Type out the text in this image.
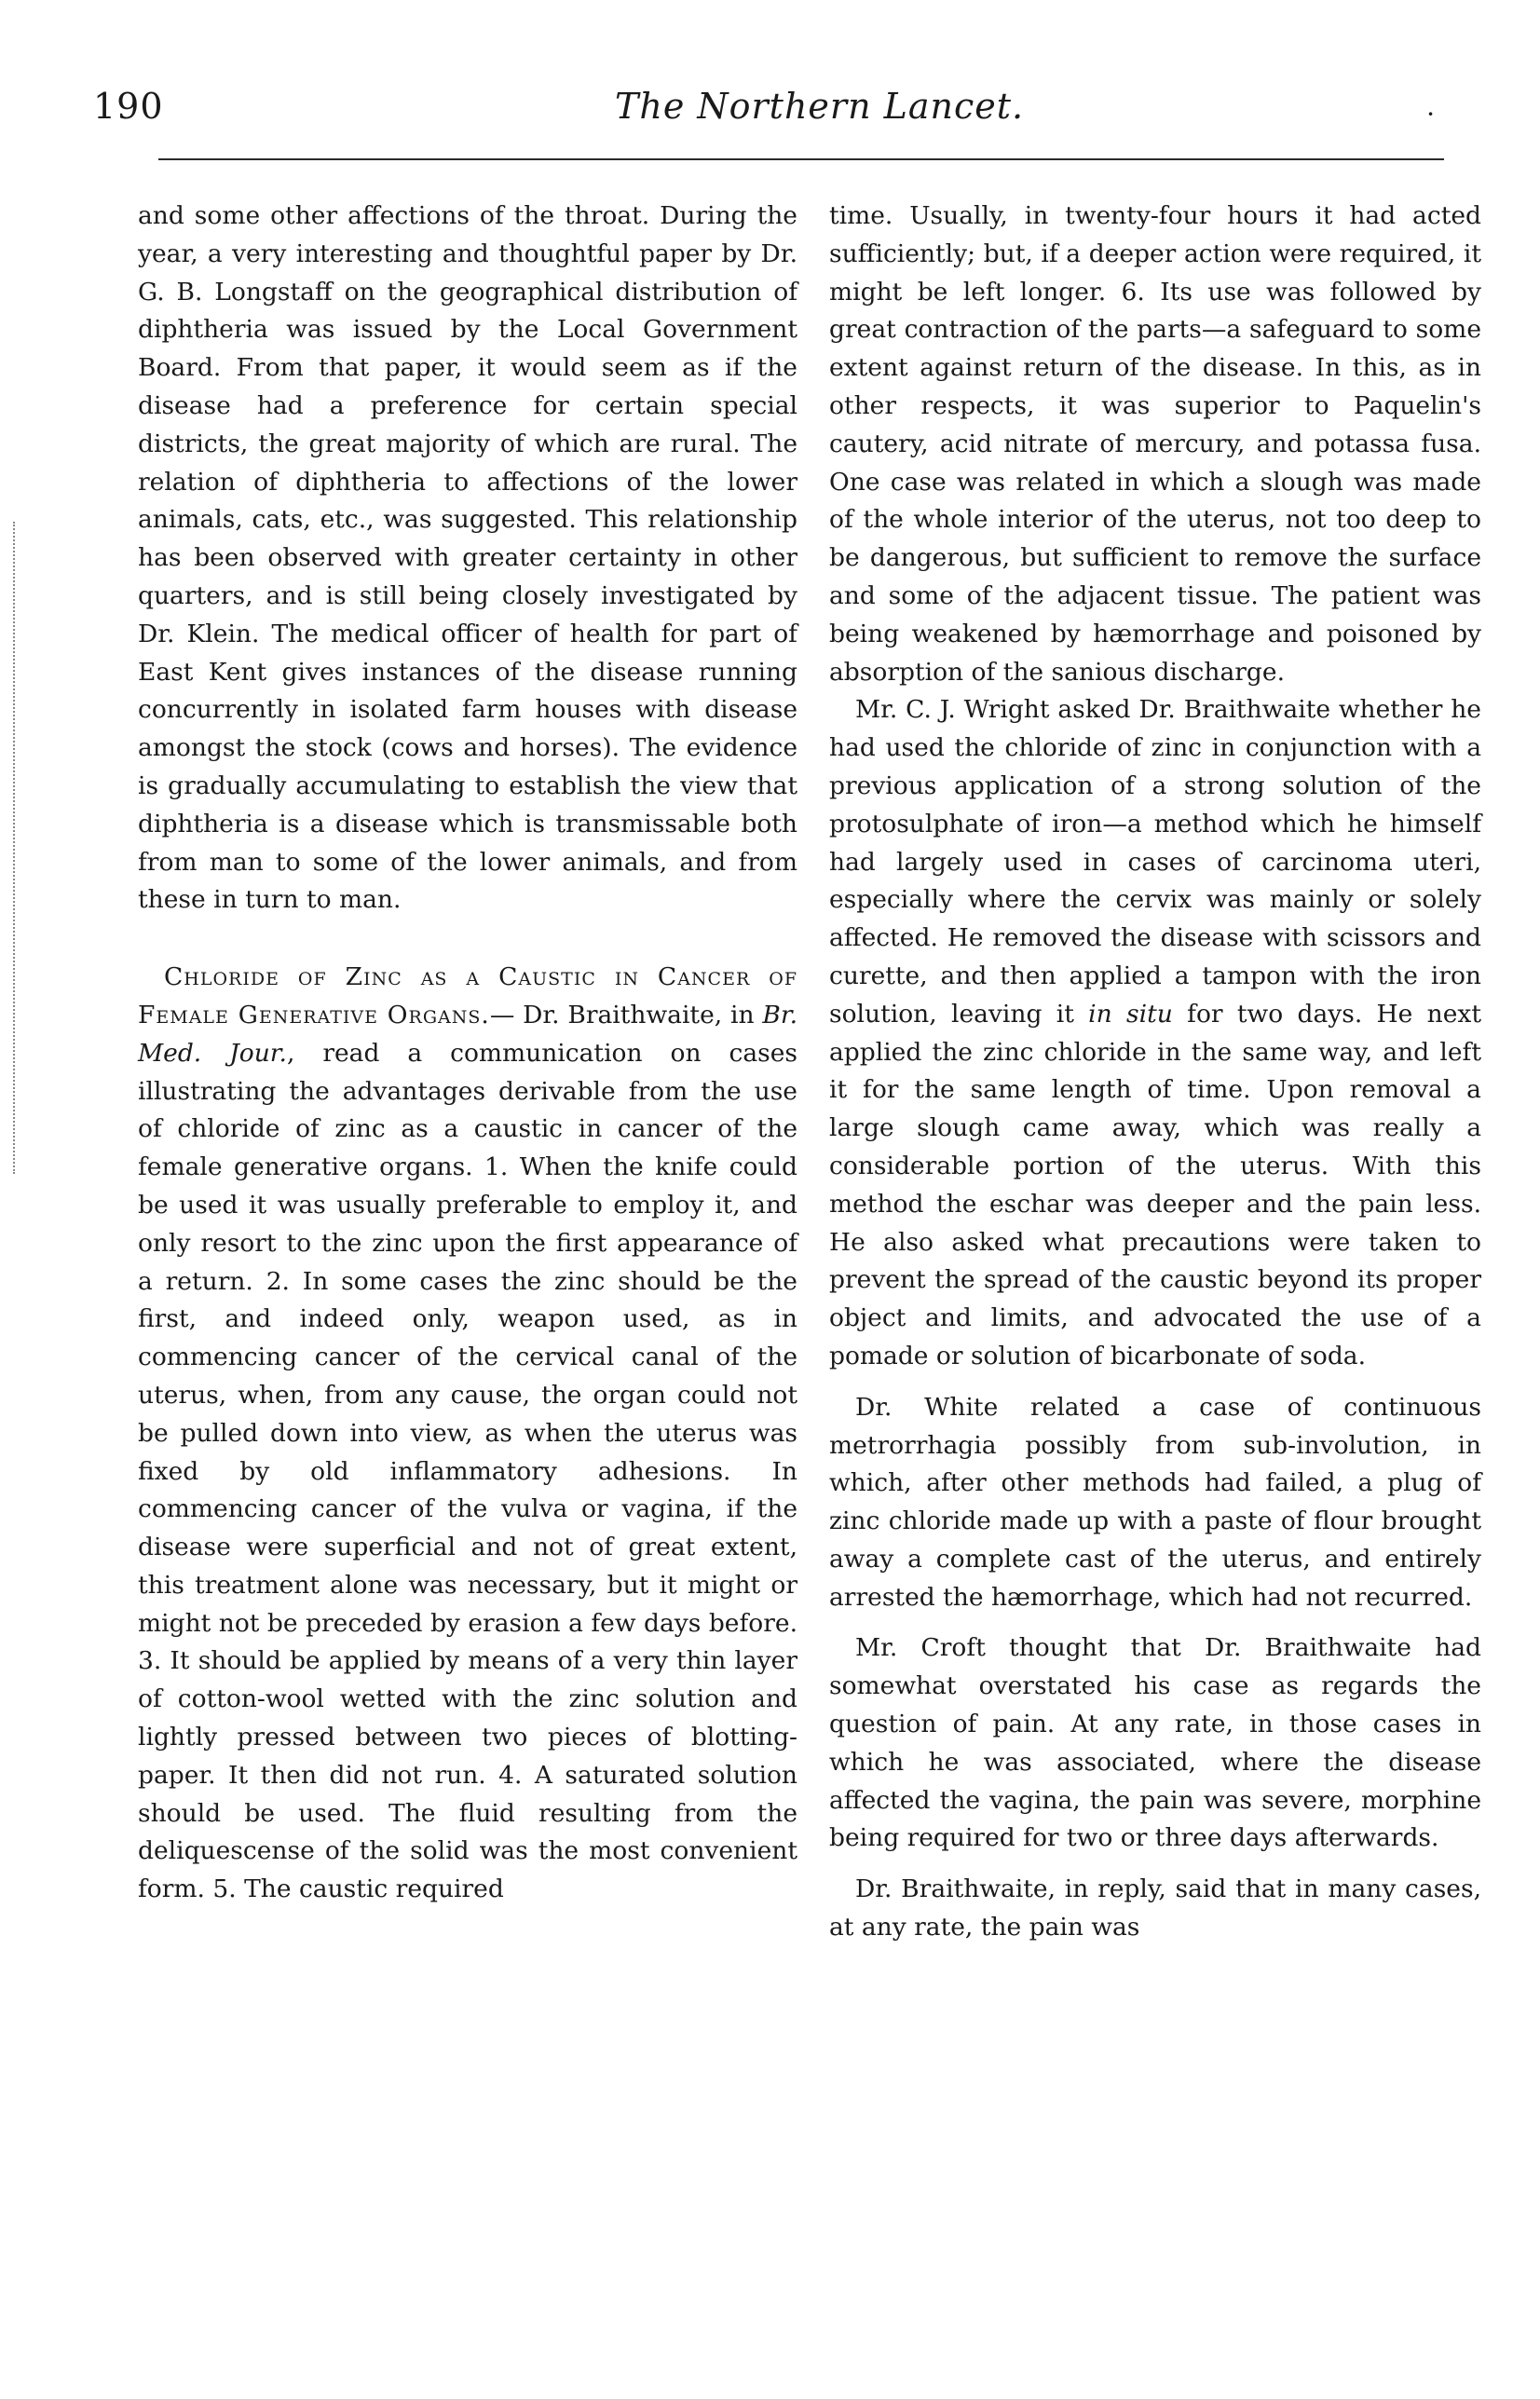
190	The Northern Lancet.	·

and some other affections of the throat. During the year, a very interesting and thoughtful paper by Dr. G. B. Longstaff on the geographical distribution of diphtheria was issued by the Local Government Board. From that paper, it would seem as if the disease had a preference for certain special districts, the great majority of which are rural. The relation of diphtheria to affections of the lower animals, cats, etc., was suggested. This relationship has been observed with greater certainty in other quarters, and is still being closely investigated by Dr. Klein. The medical officer of health for part of East Kent gives instances of the disease running concurrently in isolated farm houses with disease amongst the stock (cows and horses). The evidence is gradually accumulating to establish the view that diphtheria is a disease which is transmissable both from man to some of the lower animals, and from these in turn to man.

Chloride of Zinc as a Caustic in Cancer of Female Generative Organs.— Dr. Braithwaite, in Br. Med. Jour., read a communication on cases illustrating the advantages derivable from the use of chloride of zinc as a caustic in cancer of the female generative organs. 1. When the knife could be used it was usually preferable to employ it, and only resort to the zinc upon the first appearance of a return. 2. In some cases the zinc should be the first, and indeed only, weapon used, as in commencing cancer of the cervical canal of the uterus, when, from any cause, the organ could not be pulled down into view, as when the uterus was fixed by old inflammatory adhesions. In commencing cancer of the vulva or vagina, if the disease were superficial and not of great extent, this treatment alone was necessary, but it might or might not be preceded by erasion a few days before. 3. It should be applied by means of a very thin layer of cotton-wool wetted with the zinc solution and lightly pressed between two pieces of blotting-paper. It then did not run. 4. A saturated solution should be used. The fluid resulting from the deliquescense of the solid was the most convenient form. 5. The caustic required

time. Usually, in twenty-four hours it had acted sufficiently; but, if a deeper action were required, it might be left longer. 6. Its use was followed by great contraction of the parts—a safeguard to some extent against return of the disease. In this, as in other respects, it was superior to Paquelin's cautery, acid nitrate of mercury, and potassa fusa. One case was related in which a slough was made of the whole interior of the uterus, not too deep to be dangerous, but sufficient to remove the surface and some of the adjacent tissue. The patient was being weakened by hæmorrhage and poisoned by absorption of the sanious discharge.

Mr. C. J. Wright asked Dr. Braithwaite whether he had used the chloride of zinc in conjunction with a previous application of a strong solution of the protosulphate of iron—a method which he himself had largely used in cases of carcinoma uteri, especially where the cervix was mainly or solely affected. He removed the disease with scissors and curette, and then applied a tampon with the iron solution, leaving it in situ for two days. He next applied the zinc chloride in the same way, and left it for the same length of time. Upon removal a large slough came away, which was really a considerable portion of the uterus. With this method the eschar was deeper and the pain less. He also asked what precautions were taken to prevent the spread of the caustic beyond its proper object and limits, and advocated the use of a pomade or solution of bicarbonate of soda.

Dr. White related a case of continuous metrorrhagia possibly from sub-involution, in which, after other methods had failed, a plug of zinc chloride made up with a paste of flour brought away a complete cast of the uterus, and entirely arrested the hæmorrhage, which had not recurred.

Mr. Croft thought that Dr. Braithwaite had somewhat overstated his case as regards the question of pain. At any rate, in those cases in which he was associated, where the disease affected the vagina, the pain was severe, morphine being required for two or three days afterwards.

Dr. Braithwaite, in reply, said that in many cases, at any rate, the pain was
